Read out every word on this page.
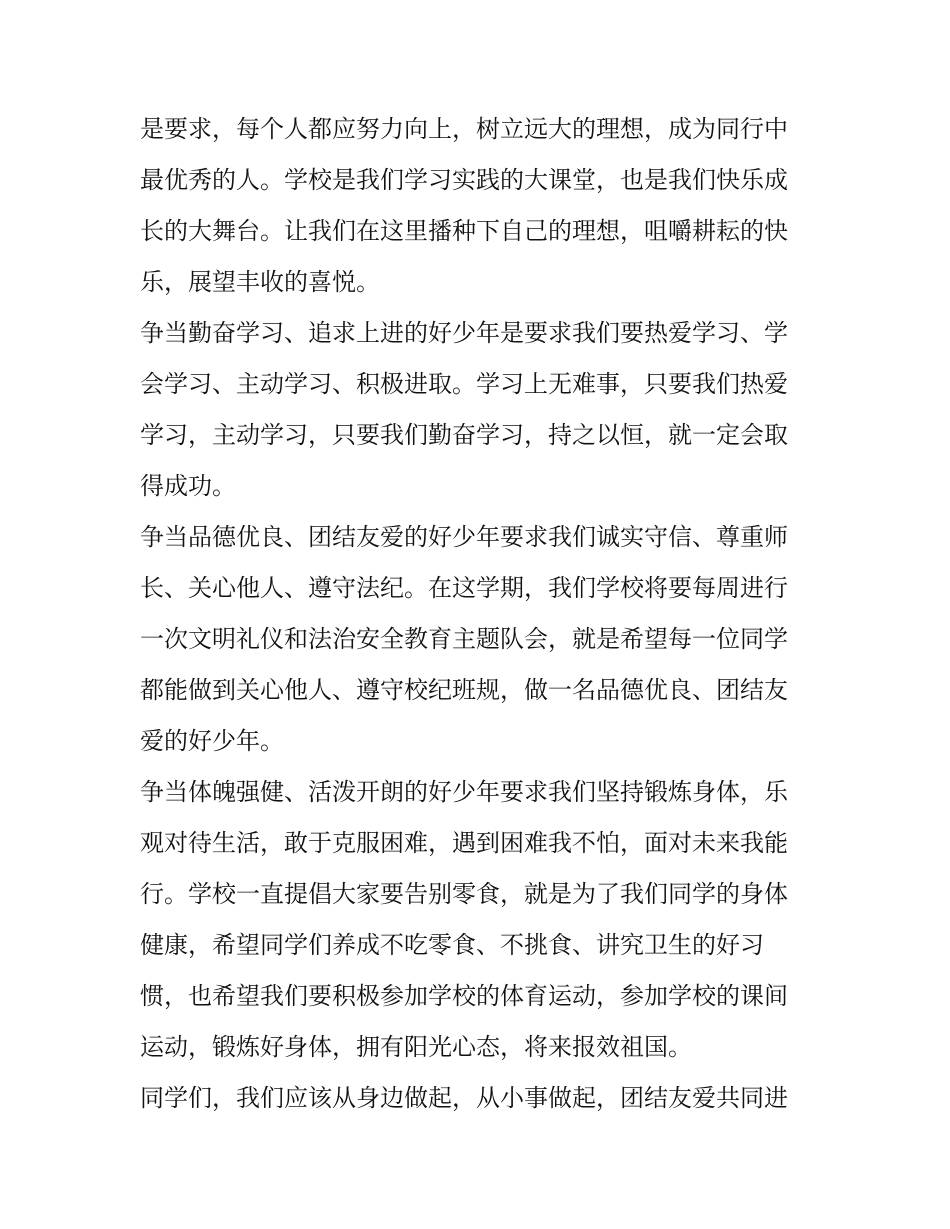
是要求，每个人都应努力向上，树立远大的理想，成为同行中
最优秀的人。学校是我们学习实践的大课堂，也是我们快乐成
长的大舞台。让我们在这里播种下自己的理想，咀嚼耕耘的快
乐，展望丰收的喜悦。
争当勤奋学习、追求上进的好少年是要求我们要热爱学习、学
会学习、主动学习、积极进取。学习上无难事，只要我们热爱
学习，主动学习，只要我们勤奋学习，持之以恒，就一定会取
得成功。
争当品德优良、团结友爱的好少年要求我们诚实守信、尊重师
长、关心他人、遵守法纪。在这学期，我们学校将要每周进行
一次文明礼仪和法治安全教育主题队会，就是希望每一位同学
都能做到关心他人、遵守校纪班规，做一名品德优良、团结友
爱的好少年。
争当体魄强健、活泼开朗的好少年要求我们坚持锻炼身体，乐
观对待生活，敢于克服困难，遇到困难我不怕，面对未来我能
行。学校一直提倡大家要告别零食，就是为了我们同学的身体
健康，希望同学们养成不吃零食、不挑食、讲究卫生的好习
惯，也希望我们要积极参加学校的体育运动，参加学校的课间
运动，锻炼好身体，拥有阳光心态，将来报效祖国。
同学们，我们应该从身边做起，从小事做起，团结友爱共同进
